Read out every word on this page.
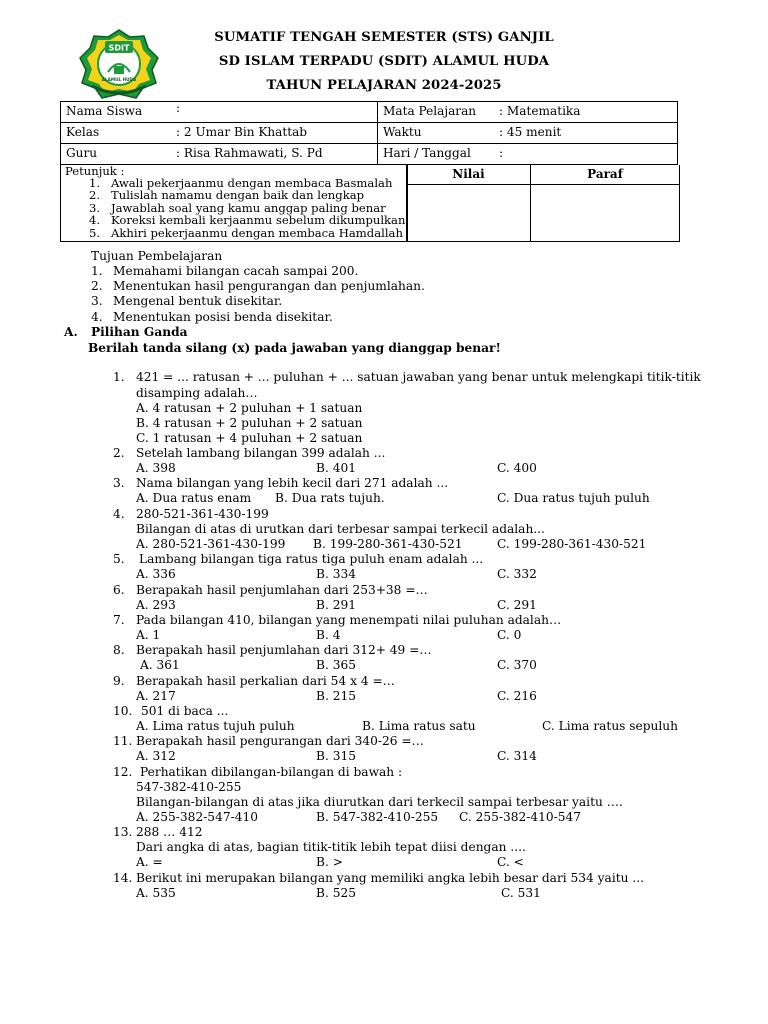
SDIT
ALAMUL HUDA
SUMATIF TENGAH SEMESTER (STS) GANJIL
SD ISLAM TERPADU (SDIT) ALAMUL HUDA
TAHUN PELAJARAN 2024-2025
Nama Siswa	:	Mata Pelajaran	: Matematika
Kelas	: 2 Umar Bin Khattab	Waktu	: 45 menit
Guru	: Risa Rahmawati, S. Pd	Hari / Tanggal	:
Petunjuk :
1. Awali pekerjaanmu dengan membaca Basmalah
2. Tulislah namamu dengan baik dan lengkap
3. Jawablah soal yang kamu anggap paling benar
4. Koreksi kembali kerjaanmu sebelum dikumpulkan
5. Akhiri pekerjaanmu dengan membaca Hamdallah
Nilai	Paraf
Tujuan Pembelajaran
1. Memahami bilangan cacah sampai 200.
2. Menentukan hasil pengurangan dan penjumlahan.
3. Mengenal bentuk disekitar.
4. Menentukan posisi benda disekitar.
A. Pilihan Ganda
Berilah tanda silang (x) pada jawaban yang dianggap benar!
1. 421 = ... ratusan + ... puluhan + ... satuan jawaban yang benar untuk melengkapi titik-titik
disamping adalah…
A. 4 ratusan + 2 puluhan + 1 satuan
B. 4 ratusan + 2 puluhan + 2 satuan
C. 1 ratusan + 4 puluhan + 2 satuan
2. Setelah lambang bilangan 399 adalah ...
A. 398	B. 401	C. 400
3. Nama bilangan yang lebih kecil dari 271 adalah ...
A. Dua ratus enam B. Dua rats tujuh.	C. Dua ratus tujuh puluh
4. 280-521-361-430-199
Bilangan di atas di urutkan dari terbesar sampai terkecil adalah...
A. 280-521-361-430-199 B. 199-280-361-430-521	C. 199-280-361-430-521
5. Lambang bilangan tiga ratus tiga puluh enam adalah ...
A. 336	B. 334	C. 332
6. Berapakah hasil penjumlahan dari 253+38 =…
A. 293	B. 291	C. 291
7. Pada bilangan 410, bilangan yang menempati nilai puluhan adalah…
A. 1	B. 4	C. 0
8. Berapakah hasil penjumlahan dari 312+ 49 =…
A. 361	B. 365	C. 370
9. Berapakah hasil perkalian dari 54 x 4 =…
A. 217	B. 215	C. 216
10. 501 di baca ...
A. Lima ratus tujuh puluh	B. Lima ratus satu	C. Lima ratus sepuluh
11. Berapakah hasil pengurangan dari 340-26 =…
A. 312	B. 315	C. 314
12. Perhatikan dibilangan-bilangan di bawah :
547-382-410-255
Bilangan-bilangan di atas jika diurutkan dari terkecil sampai terbesar yaitu ….
A. 255-382-547-410	B. 547-382-410-255 C. 255-382-410-547
13. 288 … 412
Dari angka di atas, bagian titik-titik lebih tepat diisi dengan ....
A. =	B. >	C. <
14. Berikut ini merupakan bilangan yang memiliki angka lebih besar dari 534 yaitu ...
A. 535	B. 525	C. 531
